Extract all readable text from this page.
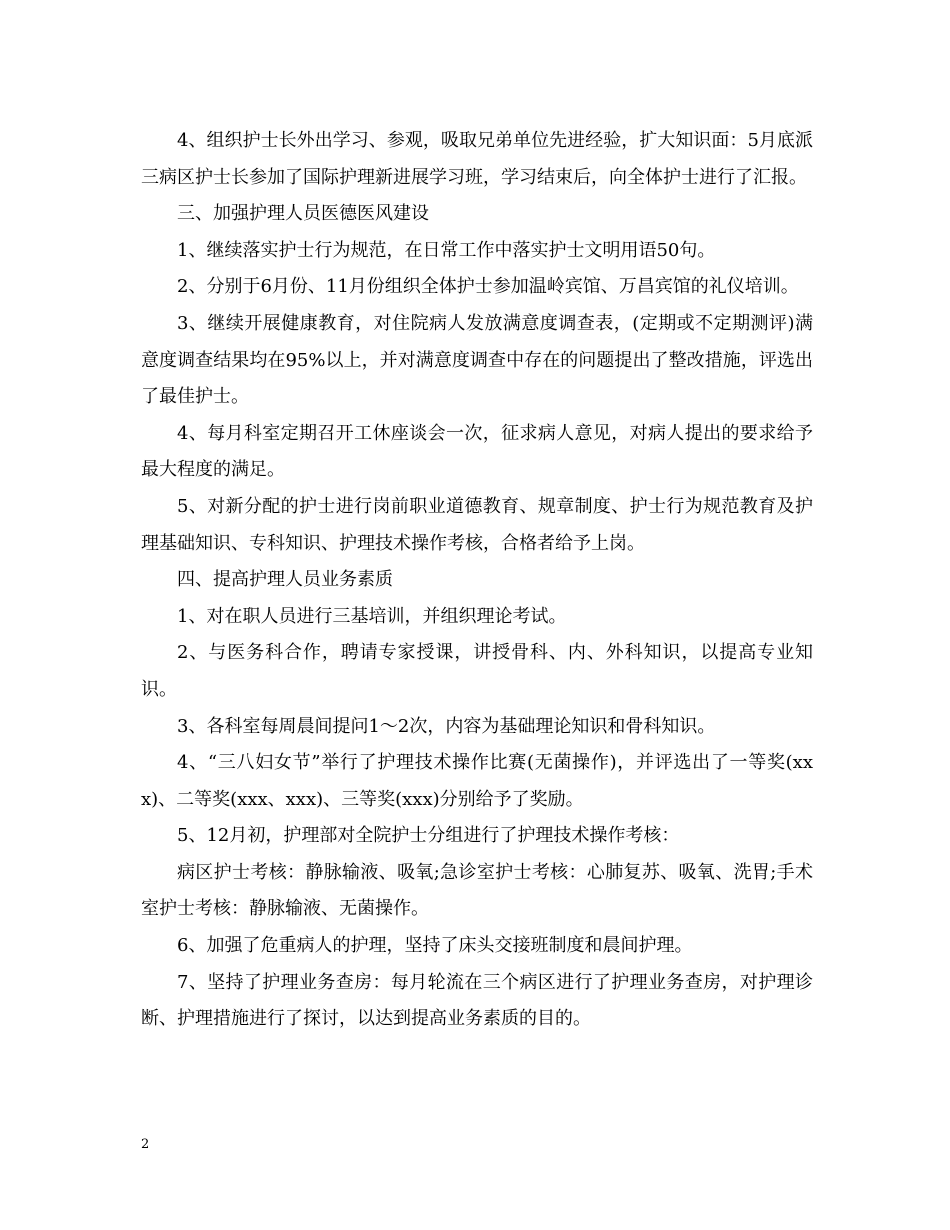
4、组织护士长外出学习、参观，吸取兄弟单位先进经验，扩大知识面：5月底派三病区护士长参加了国际护理新进展学习班，学习结束后，向全体护士进行了汇报。

三、加强护理人员医德医风建设

1、继续落实护士行为规范，在日常工作中落实护士文明用语50句。

2、分别于6月份、11月份组织全体护士参加温岭宾馆、万昌宾馆的礼仪培训。

3、继续开展健康教育，对住院病人发放满意度调查表，(定期或不定期测评)满意度调查结果均在95%以上，并对满意度调查中存在的问题提出了整改措施，评选出了最佳护士。

4、每月科室定期召开工休座谈会一次，征求病人意见，对病人提出的要求给予最大程度的满足。

5、对新分配的护士进行岗前职业道德教育、规章制度、护士行为规范教育及护理基础知识、专科知识、护理技术操作考核，合格者给予上岗。

四、提高护理人员业务素质

1、对在职人员进行三基培训，并组织理论考试。

2、与医务科合作，聘请专家授课，讲授骨科、内、外科知识，以提高专业知识。

3、各科室每周晨间提问1～2次，内容为基础理论知识和骨科知识。

4、“三八妇女节”举行了护理技术操作比赛(无菌操作)，并评选出了一等奖(xxx)、二等奖(xxx、xxx)、三等奖(xxx)分别给予了奖励。

5、12月初，护理部对全院护士分组进行了护理技术操作考核：

病区护士考核：静脉输液、吸氧;急诊室护士考核：心肺复苏、吸氧、洗胃;手术室护士考核：静脉输液、无菌操作。

6、加强了危重病人的护理，坚持了床头交接班制度和晨间护理。

7、坚持了护理业务查房：每月轮流在三个病区进行了护理业务查房，对护理诊断、护理措施进行了探讨，以达到提高业务素质的目的。

2
